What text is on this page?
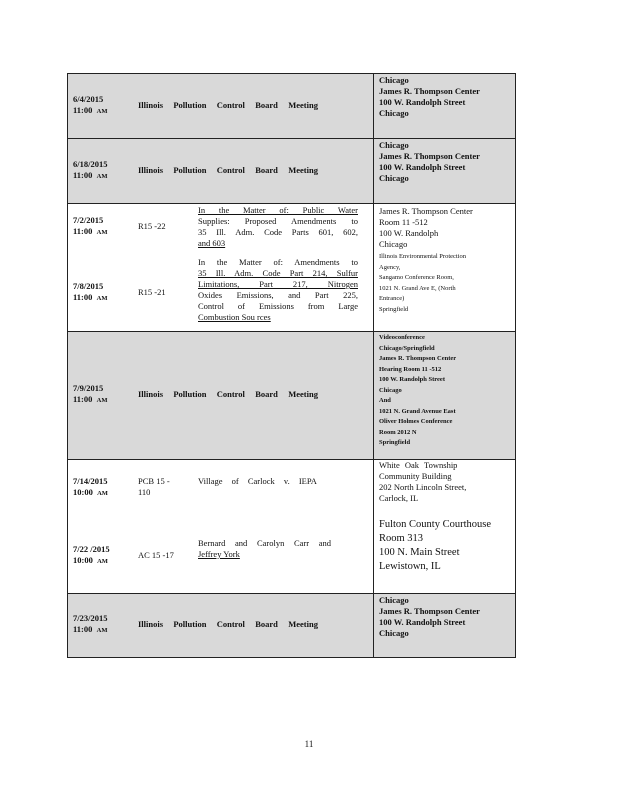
6/4/2015
11:00 AM
Illinois Pollution Control Board Meeting
Chicago
James R. Thompson Center
100 W. Randolph Street
Chicago
6/18/2015
11:00 AM
Illinois Pollution Control Board Meeting
Chicago
James R. Thompson Center
100 W. Randolph Street
Chicago
7/2/2015
11:00 AM
R15 -22
In the Matter of: Public Water
Supplies: Proposed Amendments to
35 Ill. Adm. Code Parts 601, 602,
and 603
7/8/2015
11:00 AM
R15 -21
In the Matter of: Amendments to
35 Ill. Adm. Code Part 214, Sulfur
Limitations, Part 217, Nitrogen
Oxides Emissions, and Part 225,
Control of Emissions from Large
Combustion Sou rces
James R. Thompson Center
Room 11 -512
100 W. Randolph
Chicago
Illinois Environmental Protection
Agency,
Sangamo Conference Room,
1021 N. Grand Ave E, (North
Entrance)
Springfield
7/9/2015
11:00 AM
Illinois Pollution Control Board Meeting
Videoconference
Chicago/Springfield
James R. Thompson Center
Hearing Room 11 -512
100 W. Randolph Street
Chicago
And
1021 N. Grand Avenue East
Oliver Holmes Conference
Room 2012 N
Springfield
7/14/2015
10:00 AM
PCB 15 -
110
Village of Carlock v. IEPA
7/22 /2015
10:00 AM
AC 15 -17
Bernard and Carolyn Carr and
Jeffrey York
White Oak Township
Community Building
202 North Lincoln Street,
Carlock, IL
Fulton County Courthouse
Room 313
100 N. Main Street
Lewistown, IL
7/23/2015
11:00 AM
Illinois Pollution Control Board Meeting
Chicago
James R. Thompson Center
100 W. Randolph Street
Chicago
11
